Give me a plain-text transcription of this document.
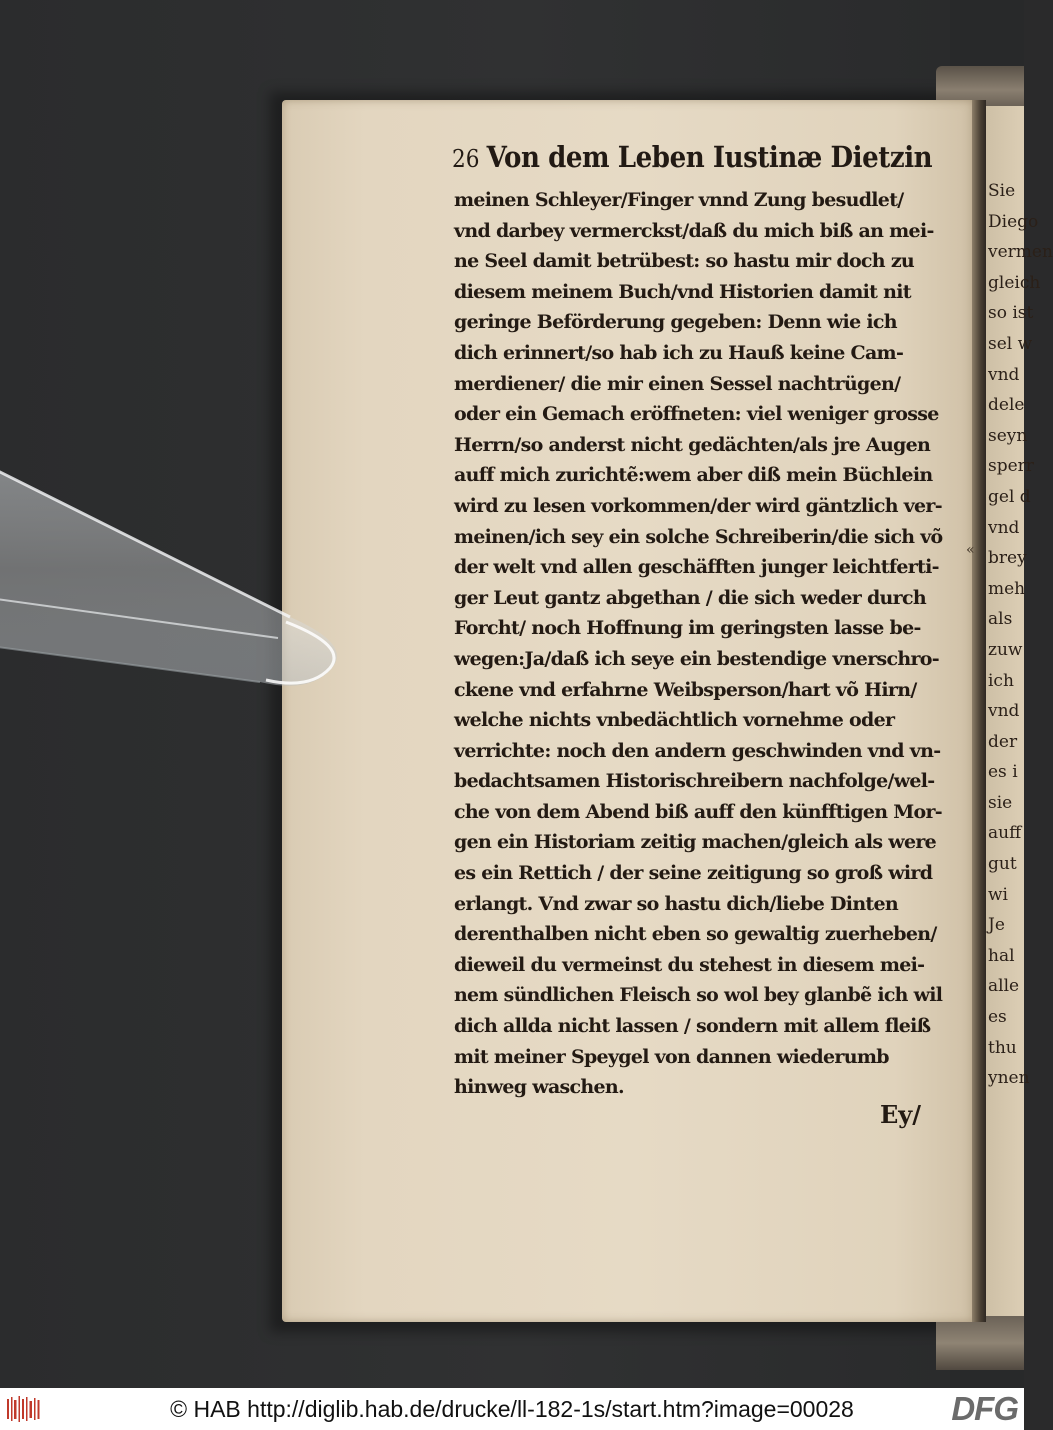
Sie
Diego
vermen
gleich
so ist
sel w
vnd
dele
seyn
sperr
gel d
vnd
brey
meh
als
zuw
ich
vnd
der
es i
sie
auff
gut
wi
Je
hal
alle
es
thu
ynen
26 Von dem Leben Iustinæ Dietzin
meinen Schleyer/Finger vnnd Zung besudlet/
vnd darbey vermerckst/daß du mich biß an mei-
ne Seel damit betrübest: so hastu mir doch zu
diesem meinem Buch/vnd Historien damit nit
geringe Beförderung gegeben: Denn wie ich
dich erinnert/so hab ich zu Hauß keine Cam-
merdiener/ die mir einen Sessel nachtrügen/
oder ein Gemach eröffneten: viel weniger grosse
Herrn/so anderst nicht gedächten/als jre Augen
auff mich zurichtẽ:wem aber diß mein Büchlein
wird zu lesen vorkommen/der wird gäntzlich ver-
meinen/ich sey ein solche Schreiberin/die sich võ
der welt vnd allen geschäfften junger leichtferti-
ger Leut gantz abgethan / die sich weder durch
Forcht/ noch Hoffnung im geringsten lasse be-
wegen:Ja/daß ich seye ein bestendige vnerschro-
ckene vnd erfahrne Weibsperson/hart võ Hirn/
welche nichts vnbedächtlich vornehme oder
verrichte: noch den andern geschwinden vnd vn-
bedachtsamen Historischreibern nachfolge/wel-
che von dem Abend biß auff den künfftigen Mor-
gen ein Historiam zeitig machen/gleich als were
es ein Rettich / der seine zeitigung so groß wird
erlangt. Vnd zwar so hastu dich/liebe Dinten
derenthalben nicht eben so gewaltig zuerheben/
dieweil du vermeinst du stehest in diesem mei-
nem sündlichen Fleisch so wol bey glanbẽ ich wil
dich allda nicht lassen / sondern mit allem fleiß
mit meiner Speygel von dannen wiederumb
hinweg waschen.
«
Ey/
© HAB http://diglib.hab.de/drucke/ll-182-1s/start.htm?image=00028	DFG
